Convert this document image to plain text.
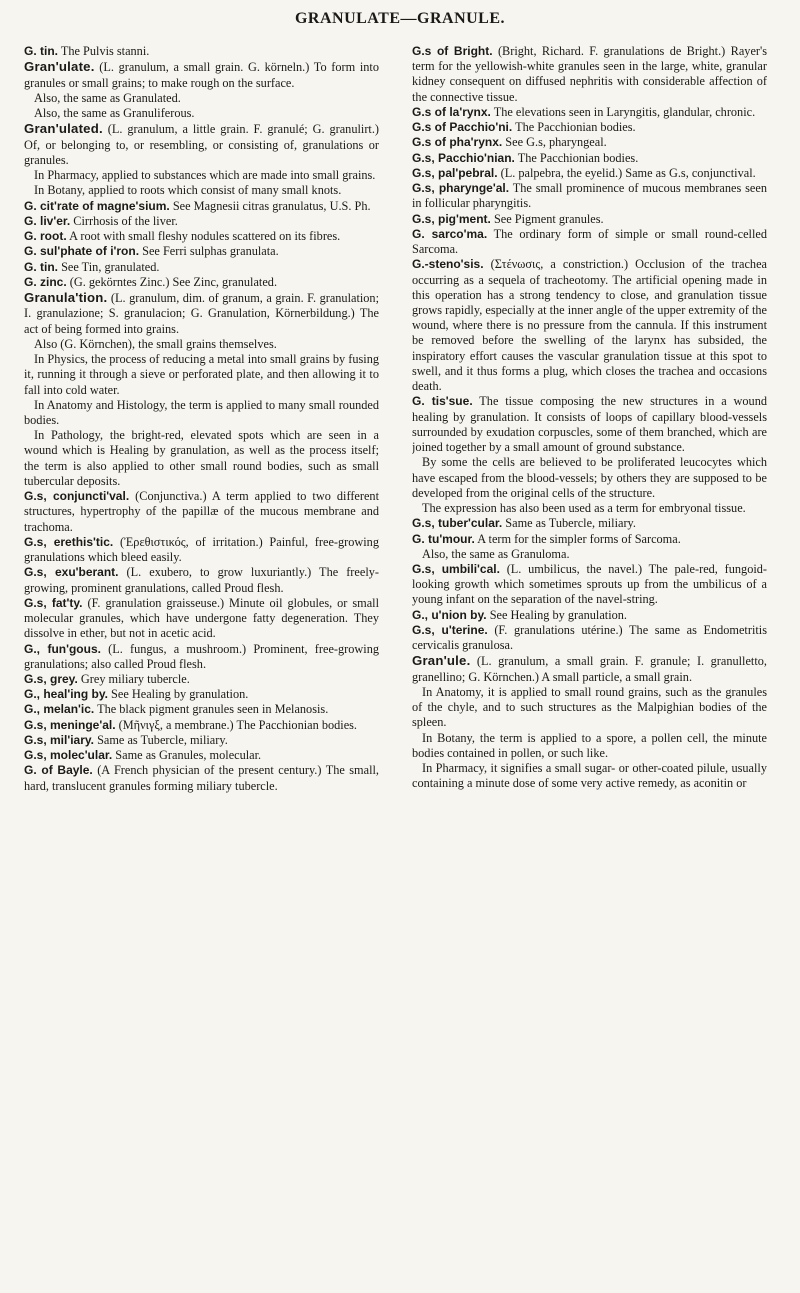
GRANULATE—GRANULE.

G. tin. The Pulvis stanni.

Gran'ulate. (L. granulum, a small grain. G. körneln.) To form into granules or small grains; to make rough on the surface.

Also, the same as Granulated.

Also, the same as Granuliferous.

Gran'ulated. (L. granulum, a little grain. F. granulé; G. granulirt.) Of, or belonging to, or resembling, or consisting of, granulations or granules.

In Pharmacy, applied to substances which are made into small grains.

In Botany, applied to roots which consist of many small knots.

G. cit'rate of magne'sium. See Magnesii citras granulatus, U.S. Ph.

G. liv'er. Cirrhosis of the liver.

G. root. A root with small fleshy nodules scattered on its fibres.

G. sul'phate of i'ron. See Ferri sulphas granulata.

G. tin. See Tin, granulated.

G. zinc. (G. gekörntes Zinc.) See Zinc, granulated.

Granula'tion. (L. granulum, dim. of granum, a grain. F. granulation; I. granulazione; S. granulacion; G. Granulation, Körnerbildung.) The act of being formed into grains.

Also (G. Körnchen), the small grains themselves.

In Physics, the process of reducing a metal into small grains by fusing it, running it through a sieve or perforated plate, and then allowing it to fall into cold water.

In Anatomy and Histology, the term is applied to many small rounded bodies.

In Pathology, the bright-red, elevated spots which are seen in a wound which is Healing by granulation, as well as the process itself; the term is also applied to other small round bodies, such as small tubercular deposits.

G.s, conjuncti'val. (Conjunctiva.) A term applied to two different structures, hypertrophy of the papillæ of the mucous membrane and trachoma.

G.s, erethis'tic. (Ἐρεθιστικός, of irritation.) Painful, free-growing granulations which bleed easily.

G.s, exu'berant. (L. exubero, to grow luxuriantly.) The freely-growing, prominent granulations, called Proud flesh.

G.s, fat'ty. (F. granulation graisseuse.) Minute oil globules, or small molecular granules, which have undergone fatty degeneration. They dissolve in ether, but not in acetic acid.

G., fun'gous. (L. fungus, a mushroom.) Prominent, free-growing granulations; also called Proud flesh.

G.s, grey. Grey miliary tubercle.

G., heal'ing by. See Healing by granulation.

G., melan'ic. The black pigment granules seen in Melanosis.

G.s, meninge'al. (Μῆνιγξ, a membrane.) The Pacchionian bodies.

G.s, mil'iary. Same as Tubercle, miliary.

G.s, molec'ular. Same as Granules, molecular.

G. of Bayle. (A French physician of the present century.) The small, hard, translucent granules forming miliary tubercle.

G.s of Bright. (Bright, Richard. F. granulations de Bright.) Rayer's term for the yellowish-white granules seen in the large, white, granular kidney consequent on diffused nephritis with considerable affection of the connective tissue.

G.s of la'rynx. The elevations seen in Laryngitis, glandular, chronic.

G.s of Pacchio'ni. The Pacchionian bodies.

G.s of pha'rynx. See G.s, pharyngeal.

G.s, Pacchio'nian. The Pacchionian bodies.

G.s, pal'pebral. (L. palpebra, the eyelid.) Same as G.s, conjunctival.

G.s, pharynge'al. The small prominence of mucous membranes seen in follicular pharyngitis.

G.s, pig'ment. See Pigment granules.

G. sarco'ma. The ordinary form of simple or small round-celled Sarcoma.

G.-steno'sis. (Στένωσις, a constriction.) Occlusion of the trachea occurring as a sequela of tracheotomy. The artificial opening made in this operation has a strong tendency to close, and granulation tissue grows rapidly, especially at the inner angle of the upper extremity of the wound, where there is no pressure from the cannula. If this instrument be removed before the swelling of the larynx has subsided, the inspiratory effort causes the vascular granulation tissue at this spot to swell, and it thus forms a plug, which closes the trachea and occasions death.

G. tis'sue. The tissue composing the new structures in a wound healing by granulation. It consists of loops of capillary blood-vessels surrounded by exudation corpuscles, some of them branched, which are joined together by a small amount of ground substance.

By some the cells are believed to be proliferated leucocytes which have escaped from the blood-vessels; by others they are supposed to be developed from the original cells of the structure.

The expression has also been used as a term for embryonal tissue.

G.s, tuber'cular. Same as Tubercle, miliary.

G. tu'mour. A term for the simpler forms of Sarcoma.

Also, the same as Granuloma.

G.s, umbili'cal. (L. umbilicus, the navel.) The pale-red, fungoid-looking growth which sometimes sprouts up from the umbilicus of a young infant on the separation of the navel-string.

G., u'nion by. See Healing by granulation.

G.s, u'terine. (F. granulations utérine.) The same as Endometritis cervicalis granulosa.

Gran'ule. (L. granulum, a small grain. F. granule; I. granulletto, granellino; G. Körnchen.) A small particle, a small grain.

In Anatomy, it is applied to small round grains, such as the granules of the chyle, and to such structures as the Malpighian bodies of the spleen.

In Botany, the term is applied to a spore, a pollen cell, the minute bodies contained in pollen, or such like.

In Pharmacy, it signifies a small sugar- or other-coated pilule, usually containing a minute dose of some very active remedy, as aconitin or
